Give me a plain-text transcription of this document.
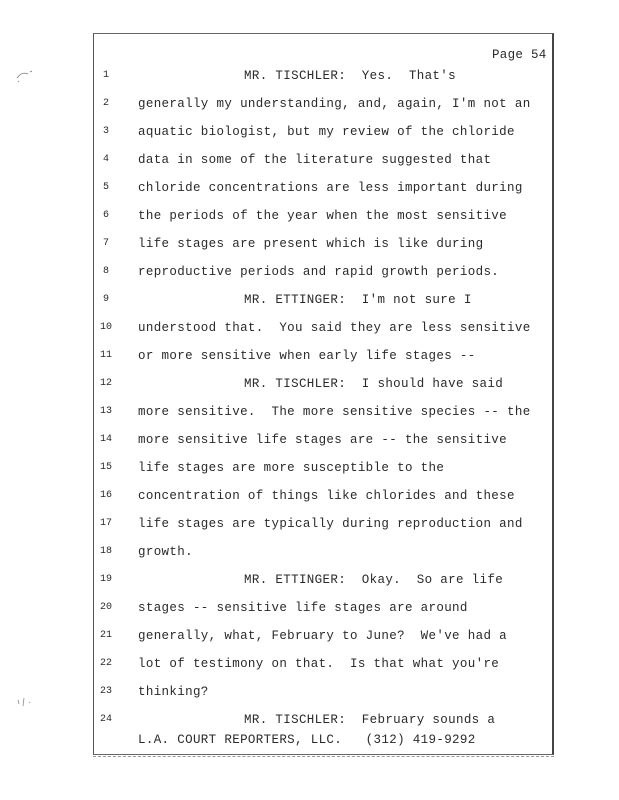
Page 54
1	MR. TISCHLER:  Yes.  That's
2	generally my understanding, and, again, I'm not an
3	aquatic biologist, but my review of the chloride
4	data in some of the literature suggested that
5	chloride concentrations are less important during
6	the periods of the year when the most sensitive
7	life stages are present which is like during
8	reproductive periods and rapid growth periods.
9	MR. ETTINGER:  I'm not sure I
10	understood that.  You said they are less sensitive
11	or more sensitive when early life stages --
12	MR. TISCHLER:  I should have said
13	more sensitive.  The more sensitive species -- the
14	more sensitive life stages are -- the sensitive
15	life stages are more susceptible to the
16	concentration of things like chlorides and these
17	life stages are typically during reproduction and
18	growth.
19	MR. ETTINGER:  Okay.  So are life
20	stages -- sensitive life stages are around
21	generally, what, February to June?  We've had a
22	lot of testimony on that.  Is that what you're
23	thinking?
24	MR. TISCHLER:  February sounds a
L.A. COURT REPORTERS, LLC.   (312) 419-9292
